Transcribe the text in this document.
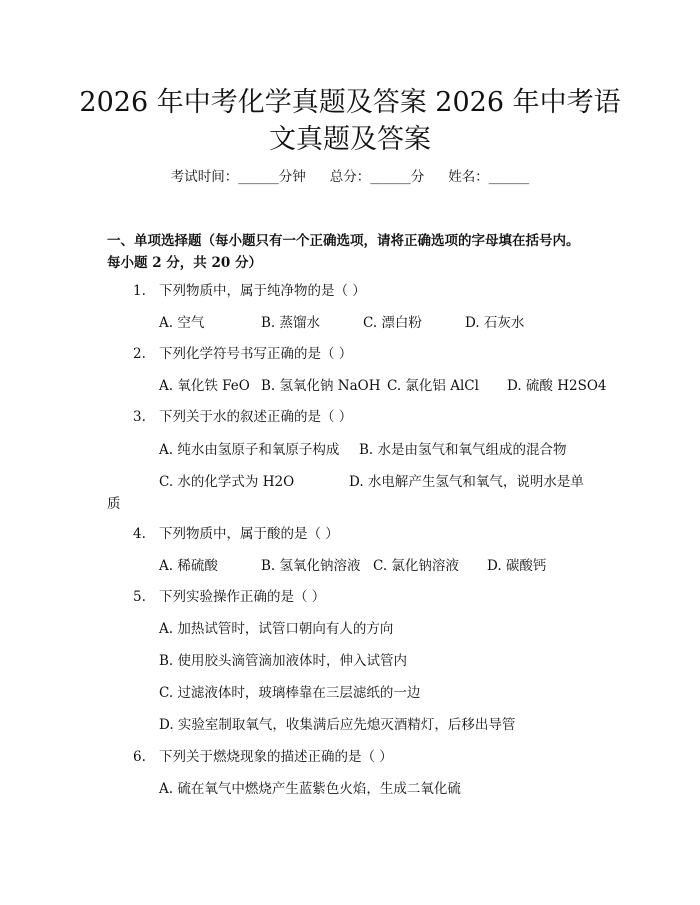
2026 年中考化学真题及答案 2026 年中考语
文真题及答案
考试时间：______分钟 总分：______分 姓名：______
一、单项选择题（每小题只有一个正确选项，请将正确选项的字母填在括号内。
每小题 2 分，共 20 分）
1. 下列物质中，属于纯净物的是（ ）
A. 空气	B. 蒸馏水	C. 漂白粉	D. 石灰水
2. 下列化学符号书写正确的是（ ）
A. 氧化铁 FeO B. 氢氧化钠 NaOH C. 氯化铝 AlCl D. 硫酸 H2SO4
3. 下列关于水的叙述正确的是（ ）
A. 纯水由氢原子和氧原子构成 B. 水是由氢气和氧气组成的混合物
C. 水的化学式为 H2O	D. 水电解产生氢气和氧气，说明水是单
质
4. 下列物质中，属于酸的是（ ）
A. 稀硫酸	B. 氢氧化钠溶液 C. 氯化钠溶液 D. 碳酸钙
5. 下列实验操作正确的是（ ）
A. 加热试管时，试管口朝向有人的方向
B. 使用胶头滴管滴加液体时，伸入试管内
C. 过滤液体时，玻璃棒靠在三层滤纸的一边
D. 实验室制取氧气，收集满后应先熄灭酒精灯，后移出导管
6. 下列关于燃烧现象的描述正确的是（ ）
A. 硫在氧气中燃烧产生蓝紫色火焰，生成二氧化硫
